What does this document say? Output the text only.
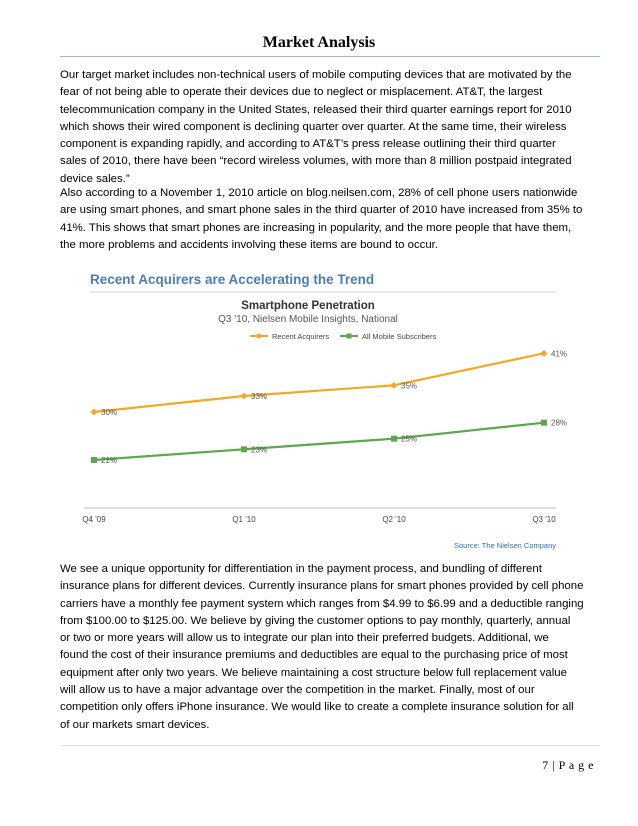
Market Analysis

Our target market includes non-technical users of mobile computing devices that are motivated by the
fear of not being able to operate their devices due to neglect or misplacement. AT&T, the largest
telecommunication company in the United States, released their third quarter earnings report for 2010
which shows their wired component is declining quarter over quarter. At the same time, their wireless
component is expanding rapidly, and according to AT&T’s press release outlining their third quarter
sales of 2010, there have been “record wireless volumes, with more than 8 million postpaid integrated
device sales.”

Also according to a November 1, 2010 article on blog.neilsen.com, 28% of cell phone users nationwide
are using smart phones, and smart phone sales in the third quarter of 2010 have increased from 35% to
41%. This shows that smart phones are increasing in popularity, and the more people that have them,
the more problems and accidents involving these items are bound to occur.

Recent Acquirers are Accelerating the Trend
Smartphone Penetration
Q3 '10, Nielsen Mobile Insights, National
Recent Acquirers	All Mobile Subscribers
Q4 '09	Q1 '10	Q2 '10	Q3 '10
30%
33%
35%
41%
21%
23%
25%
28%
Source: The Nielsen Company

We see a unique opportunity for differentiation in the payment process, and bundling of different
insurance plans for different devices. Currently insurance plans for smart phones provided by cell phone
carriers have a monthly fee payment system which ranges from $4.99 to $6.99 and a deductible ranging
from $100.00 to $125.00. We believe by giving the customer options to pay monthly, quarterly, annual
or two or more years will allow us to integrate our plan into their preferred budgets. Additional, we
found the cost of their insurance premiums and deductibles are equal to the purchasing price of most
equipment after only two years. We believe maintaining a cost structure below full replacement value
will allow us to have a major advantage over the competition in the market. Finally, most of our
competition only offers iPhone insurance. We would like to create a complete insurance solution for all
of our markets smart devices.

7 | P a g e
